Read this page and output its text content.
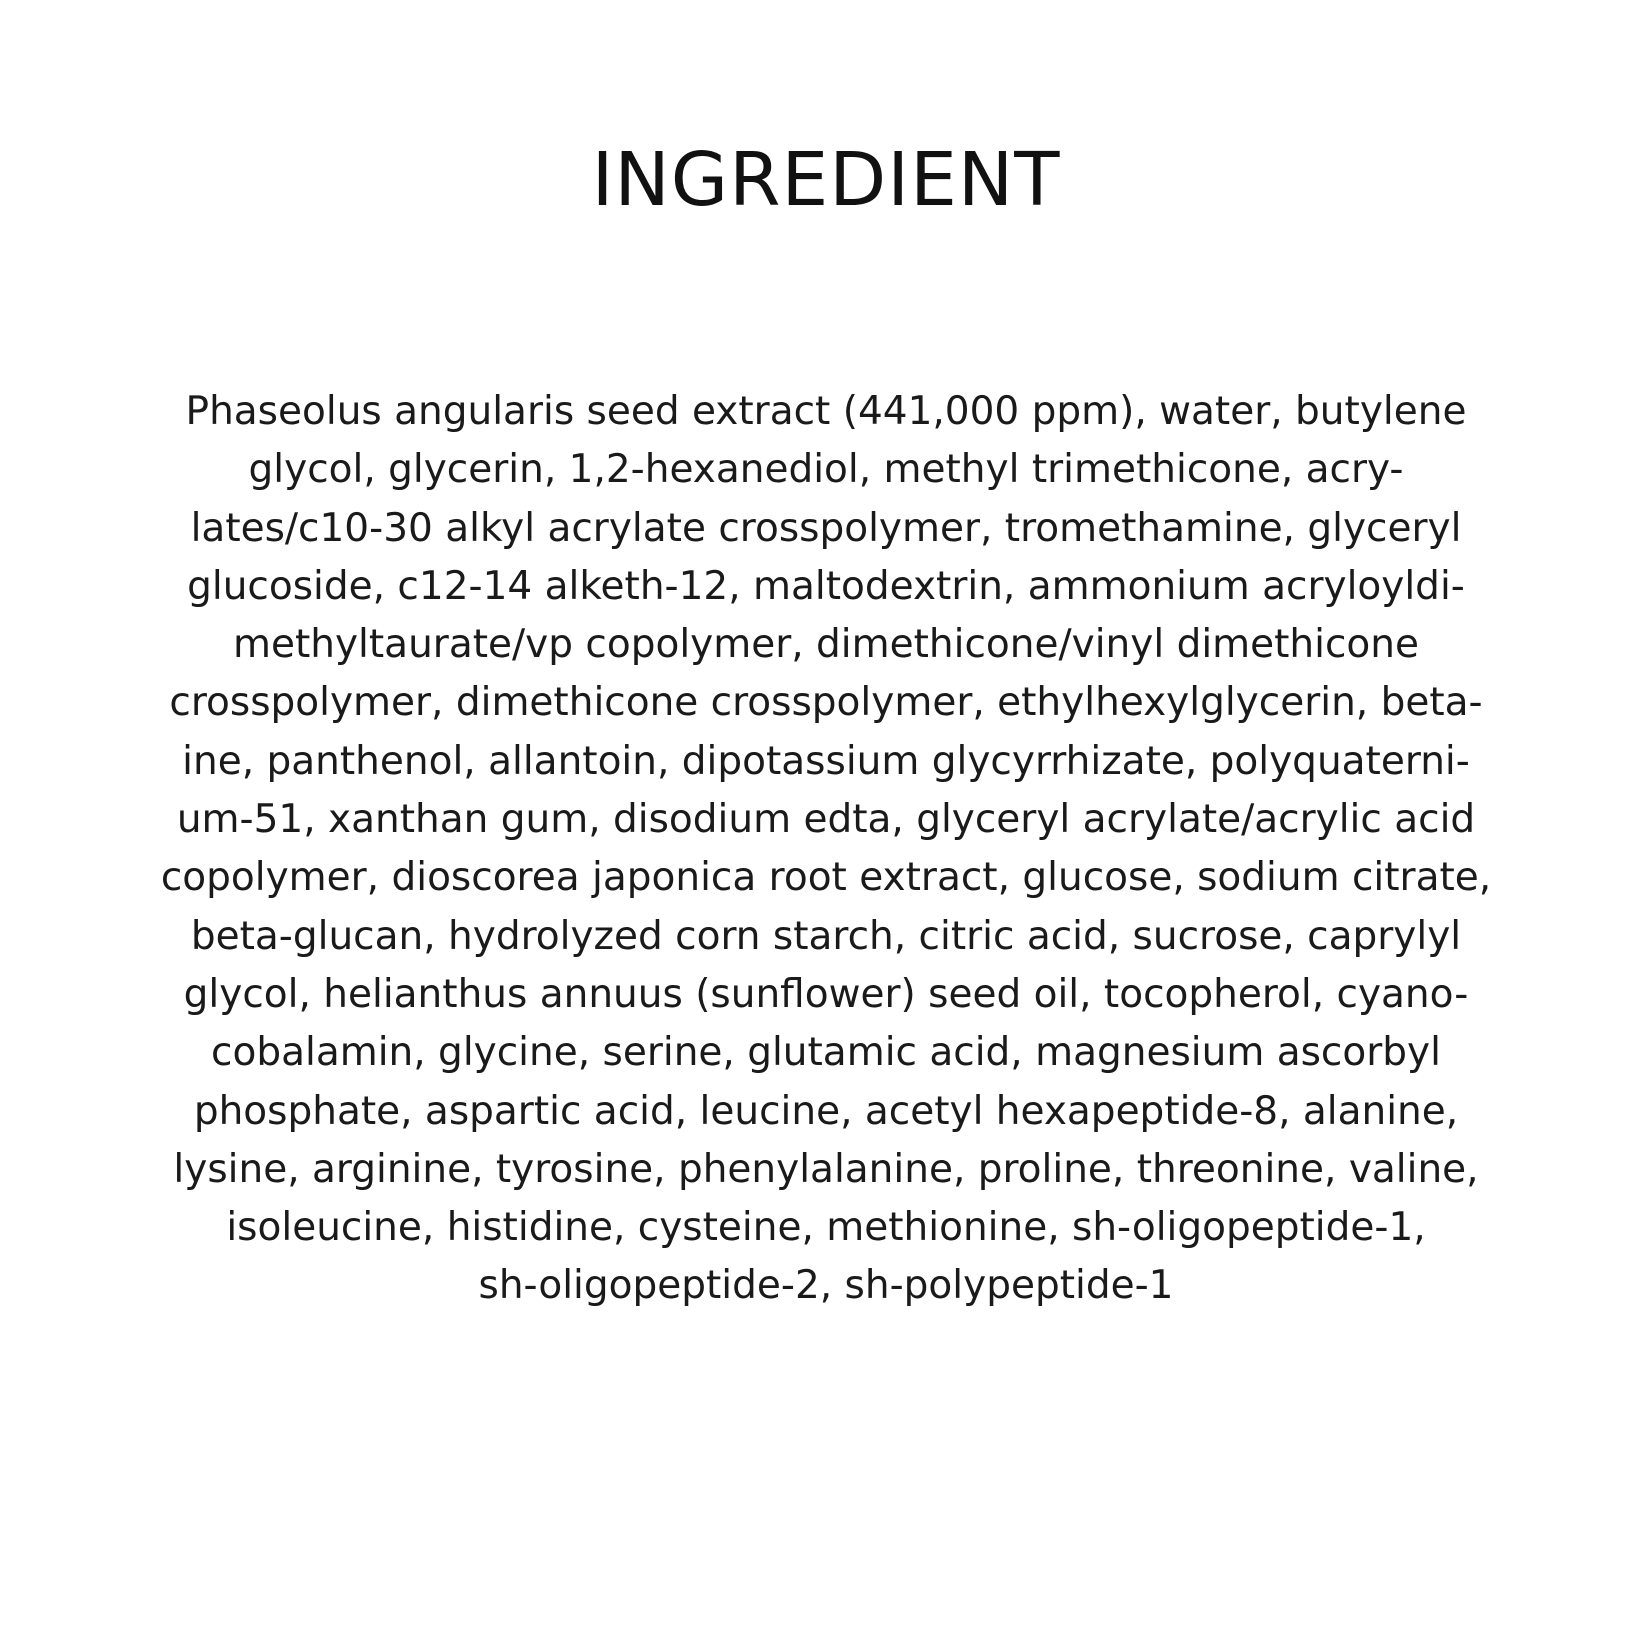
INGREDIENT
Phaseolus angularis seed extract (441,000 ppm), water, butylene
glycol, glycerin, 1,2-hexanediol, methyl trimethicone, acry-
lates/c10-30 alkyl acrylate crosspolymer, tromethamine, glyceryl
glucoside, c12-14 alketh-12, maltodextrin, ammonium acryloyldi-
methyltaurate/vp copolymer, dimethicone/vinyl dimethicone
crosspolymer, dimethicone crosspolymer, ethylhexylglycerin, beta-
ine, panthenol, allantoin, dipotassium glycyrrhizate, polyquaterni-
um-51, xanthan gum, disodium edta, glyceryl acrylate/acrylic acid
copolymer, dioscorea japonica root extract, glucose, sodium citrate,
beta-glucan, hydrolyzed corn starch, citric acid, sucrose, caprylyl
glycol, helianthus annuus (sunflower) seed oil, tocopherol, cyano-
cobalamin, glycine, serine, glutamic acid, magnesium ascorbyl
phosphate, aspartic acid, leucine, acetyl hexapeptide-8, alanine,
lysine, arginine, tyrosine, phenylalanine, proline, threonine, valine,
isoleucine, histidine, cysteine, methionine, sh-oligopeptide-1,
sh-oligopeptide-2, sh-polypeptide-1
